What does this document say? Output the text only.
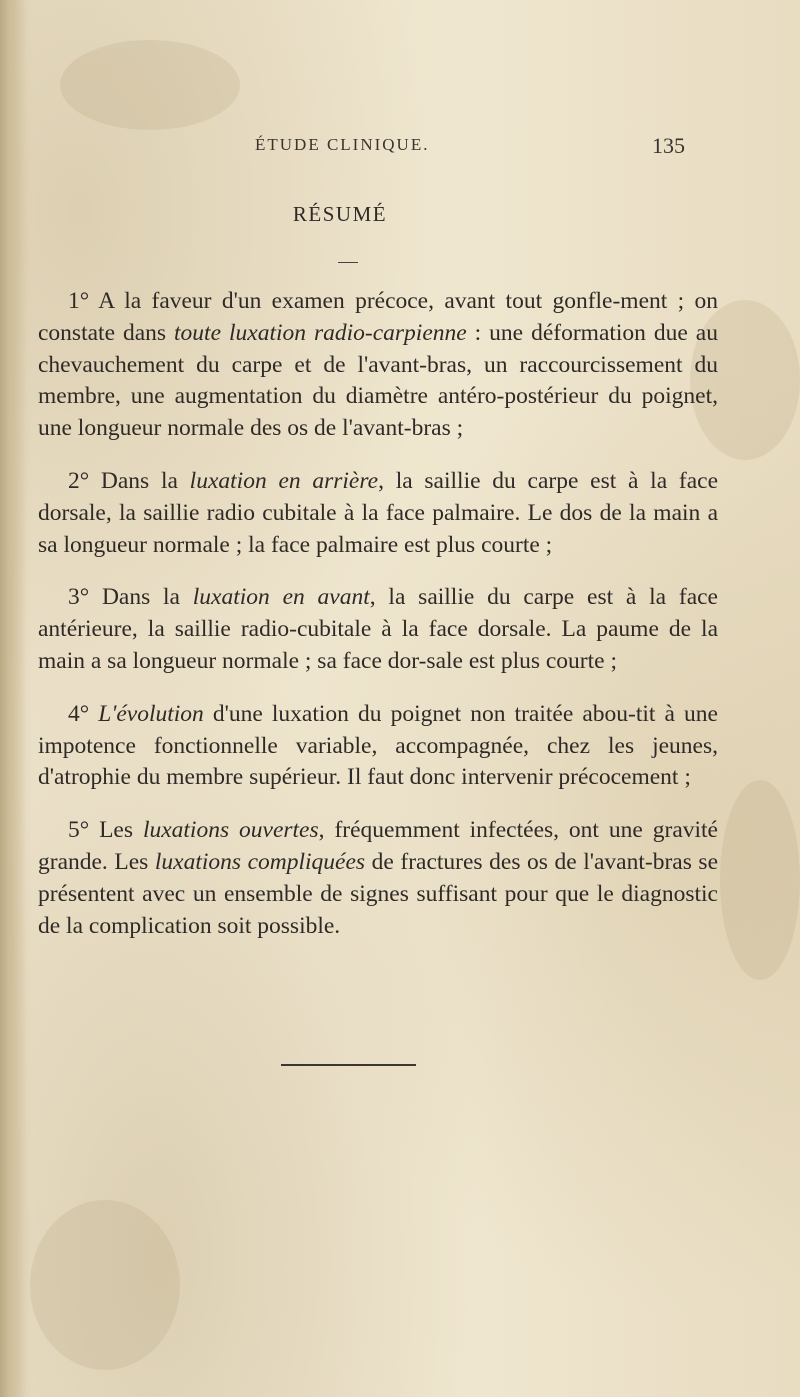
ÉTUDE CLINIQUE.	135
RÉSUMÉ

1° A la faveur d'un examen précoce, avant tout gonfle-ment ; on constate dans toute luxation radio-carpienne : une déformation due au chevauchement du carpe et de l'avant-bras, un raccourcissement du membre, une augmentation du diamètre antéro-postérieur du poignet, une longueur normale des os de l'avant-bras ;

2° Dans la luxation en arrière, la saillie du carpe est à la face dorsale, la saillie radio cubitale à la face palmaire. Le dos de la main a sa longueur normale ; la face palmaire est plus courte ;

3° Dans la luxation en avant, la saillie du carpe est à la face antérieure, la saillie radio-cubitale à la face dorsale. La paume de la main a sa longueur normale ; sa face dor-sale est plus courte ;

4° L'évolution d'une luxation du poignet non traitée abou-tit à une impotence fonctionnelle variable, accompagnée, chez les jeunes, d'atrophie du membre supérieur. Il faut donc intervenir précocement ;

5° Les luxations ouvertes, fréquemment infectées, ont une gravité grande. Les luxations compliquées de fractures des os de l'avant-bras se présentent avec un ensemble de signes suffisant pour que le diagnostic de la complication soit possible.
